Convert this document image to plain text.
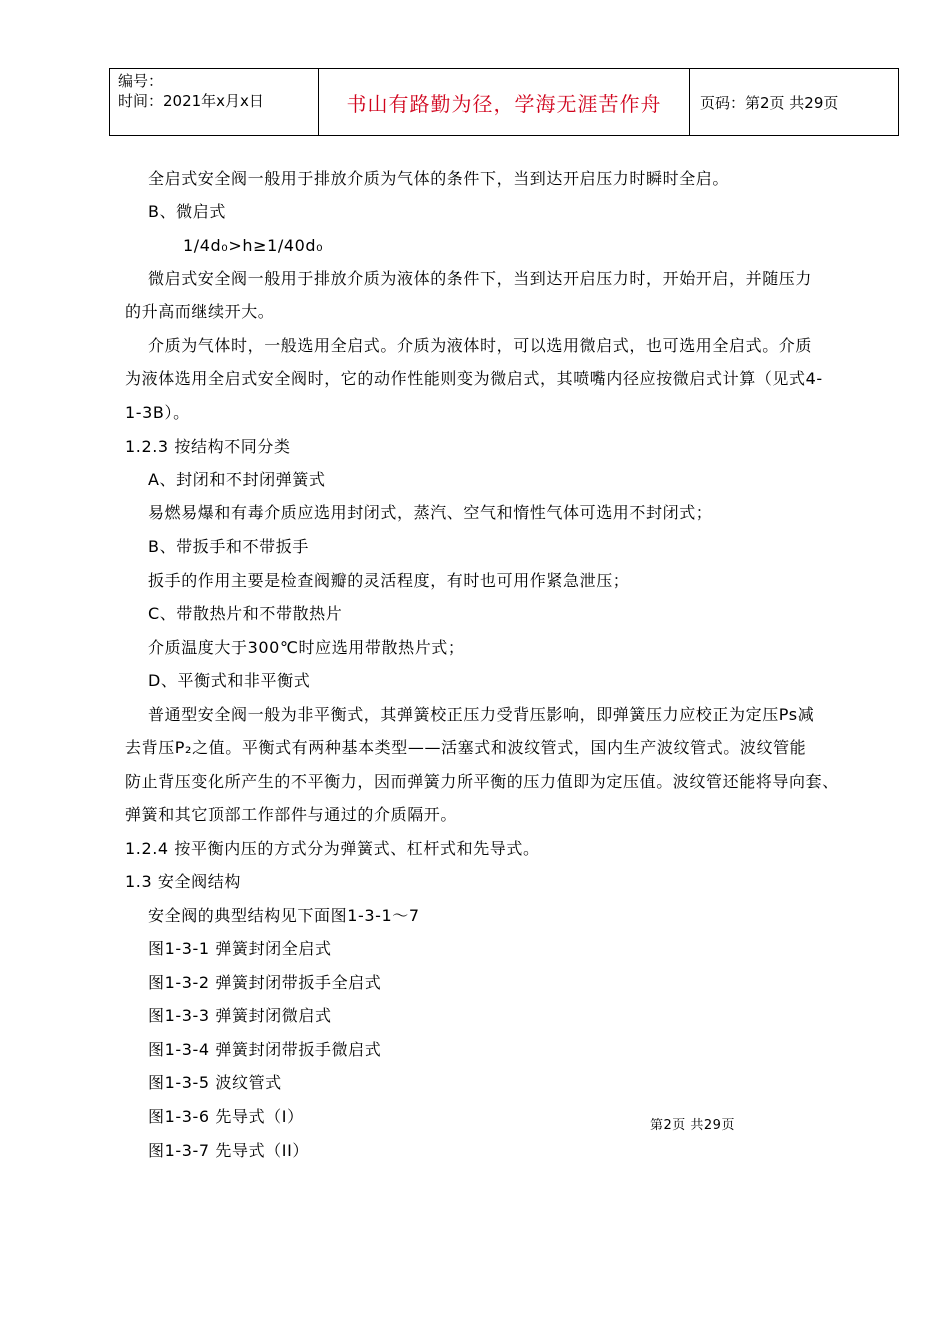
编号：
时间：2021年x月x日	书山有路勤为径，学海无涯苦作舟	页码：第2页 共29页
全启式安全阀一般用于排放介质为气体的条件下，当到达开启压力时瞬时全启。
B、微启式
1/4d₀>h≥1/40d₀
微启式安全阀一般用于排放介质为液体的条件下，当到达开启压力时，开始开启，并随压力
的升高而继续开大。
介质为气体时，一般选用全启式。介质为液体时，可以选用微启式，也可选用全启式。介质
为液体选用全启式安全阀时，它的动作性能则变为微启式，其喷嘴内径应按微启式计算（见式4-
1-3B）。
1.2.3 按结构不同分类
A、封闭和不封闭弹簧式
易燃易爆和有毒介质应选用封闭式，蒸汽、空气和惰性气体可选用不封闭式；
B、带扳手和不带扳手
扳手的作用主要是检查阀瓣的灵活程度，有时也可用作紧急泄压；
C、带散热片和不带散热片
介质温度大于300℃时应选用带散热片式；
D、平衡式和非平衡式
普通型安全阀一般为非平衡式，其弹簧校正压力受背压影响，即弹簧压力应校正为定压Ps减
去背压P₂之值。平衡式有两种基本类型——活塞式和波纹管式，国内生产波纹管式。波纹管能
防止背压变化所产生的不平衡力，因而弹簧力所平衡的压力值即为定压值。波纹管还能将导向套、
弹簧和其它顶部工作部件与通过的介质隔开。
1.2.4 按平衡内压的方式分为弹簧式、杠杆式和先导式。
1.3 安全阀结构
安全阀的典型结构见下面图1-3-1～7
图1-3-1 弹簧封闭全启式
图1-3-2 弹簧封闭带扳手全启式
图1-3-3 弹簧封闭微启式
图1-3-4 弹簧封闭带扳手微启式
图1-3-5 波纹管式
图1-3-6 先导式（I）
图1-3-7 先导式（II）
第2页 共29页
